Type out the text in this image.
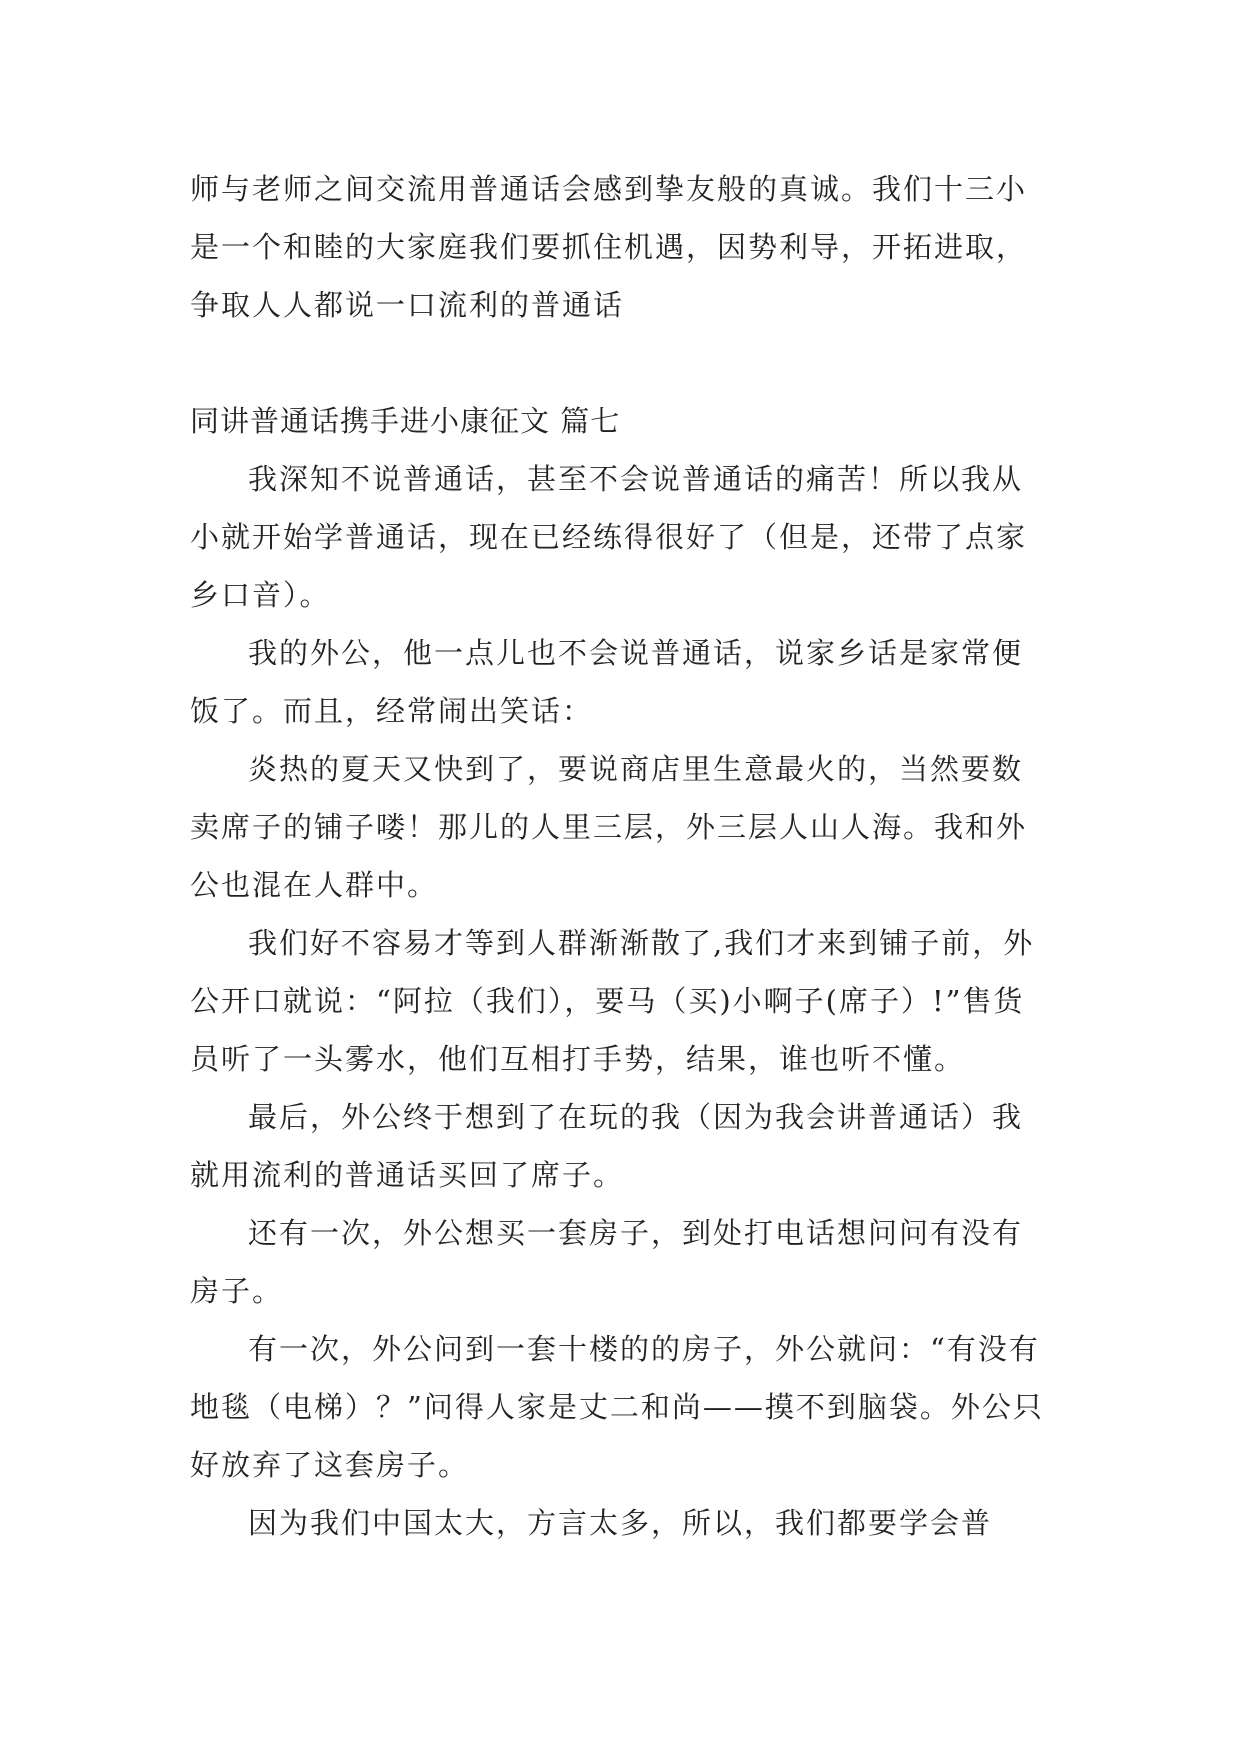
师与老师之间交流用普通话会感到挚友般的真诚。我们十三小是一个和睦的大家庭我们要抓住机遇，因势利导，开拓进取，争取人人都说一口流利的普通话

同讲普通话携手进小康征文 篇七

我深知不说普通话，甚至不会说普通话的痛苦！所以我从小就开始学普通话，现在已经练得很好了（但是，还带了点家乡口音）。

我的外公，他一点儿也不会说普通话，说家乡话是家常便饭了。而且，经常闹出笑话：

炎热的夏天又快到了，要说商店里生意最火的，当然要数卖席子的铺子喽！那儿的人里三层，外三层人山人海。我和外公也混在人群中。

我们好不容易才等到人群渐渐散了,我们才来到铺子前，外公开口就说：“阿拉（我们），要马（买)小啊子(席子）!”售货员听了一头雾水，他们互相打手势，结果，谁也听不懂。

最后，外公终于想到了在玩的我（因为我会讲普通话）我就用流利的普通话买回了席子。

还有一次，外公想买一套房子，到处打电话想问问有没有房子。

有一次，外公问到一套十楼的的房子，外公就问：“有没有地毯（电梯）？”问得人家是丈二和尚——摸不到脑袋。外公只好放弃了这套房子。

因为我们中国太大，方言太多，所以，我们都要学会普
